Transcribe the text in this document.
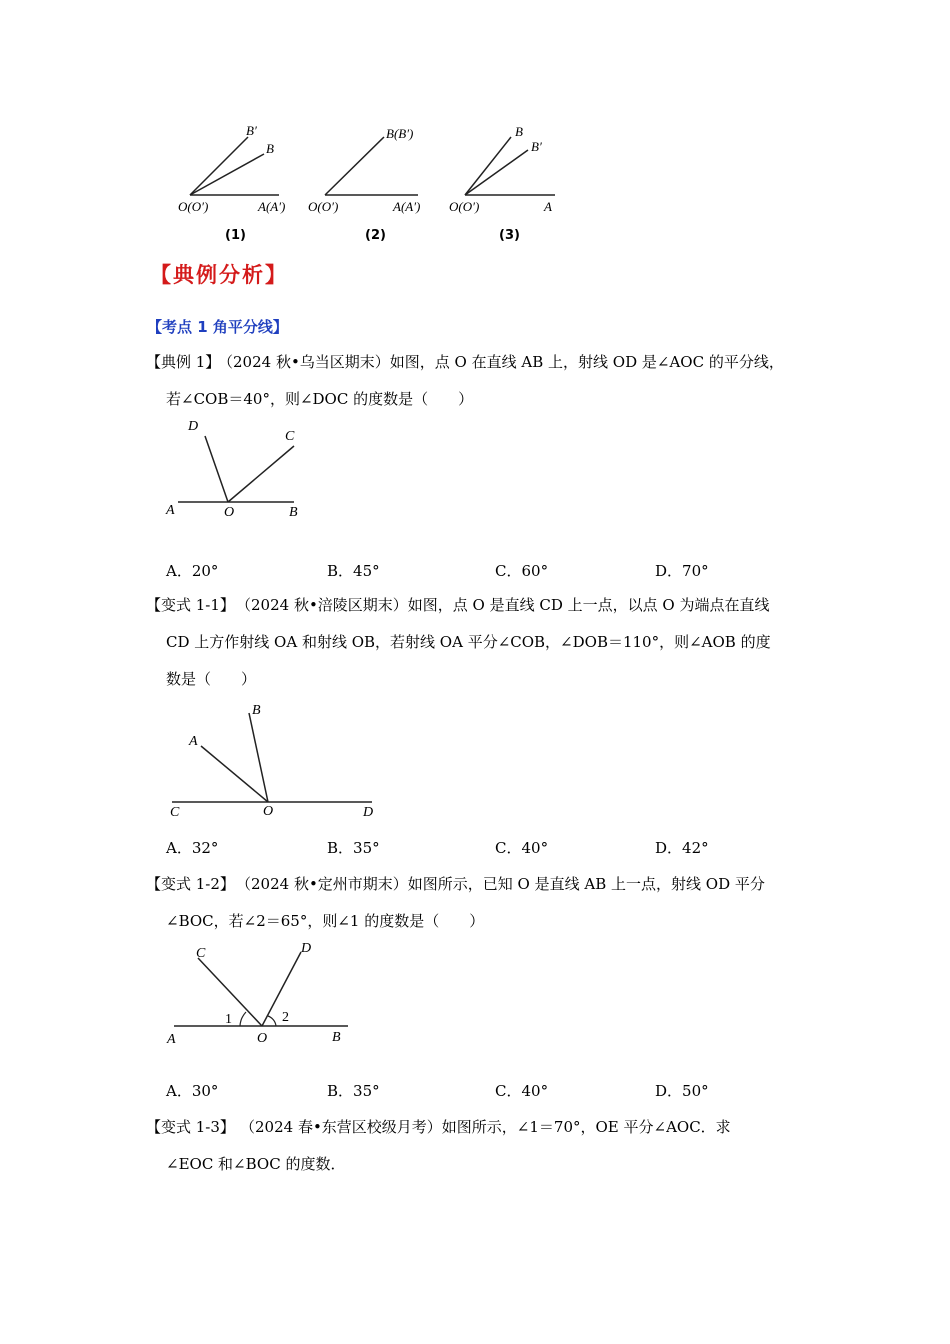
B′
B
O(O′)	A(A′)
B(B′)
O(O′)	A(A′)
B
B′
O(O′)	A
(1)	(2)	(3)
【典例分析】
【考点 1 角平分线】
【典例 1】
（2024 秋•乌当区期末）如图，点 O 在直线 AB 上，射线 OD 是∠AOC 的平分线，
若∠COB＝40°，则∠DOC 的度数是（　　）
D
C
A	O	B
A．20°	B．45°	C．60°	D．70°
【变式 1-1】 （2024 秋•涪陵区期末）如图，点 O 是直线 CD 上一点，以点 O 为端点在直线
CD 上方作射线 OA 和射线 OB，若射线 OA 平分∠COB，∠DOB＝110°，则∠AOB 的度
数是（　　）
B
A
C	O	D
A．32°	B．35°	C．40°	D．42°
【变式 1-2】 （2024 秋•定州市期末）如图所示，已知 O 是直线 AB 上一点，射线 OD 平分
∠BOC，若∠2＝65°，则∠1 的度数是（　　）
C	D
1	2
A	O	B
A．30°	B．35°	C．40°	D．50°
【变式 1-3】 （2024 春•东营区校级月考）如图所示，∠1＝70°，OE 平分∠AOC．求
∠EOC 和∠BOC 的度数．
